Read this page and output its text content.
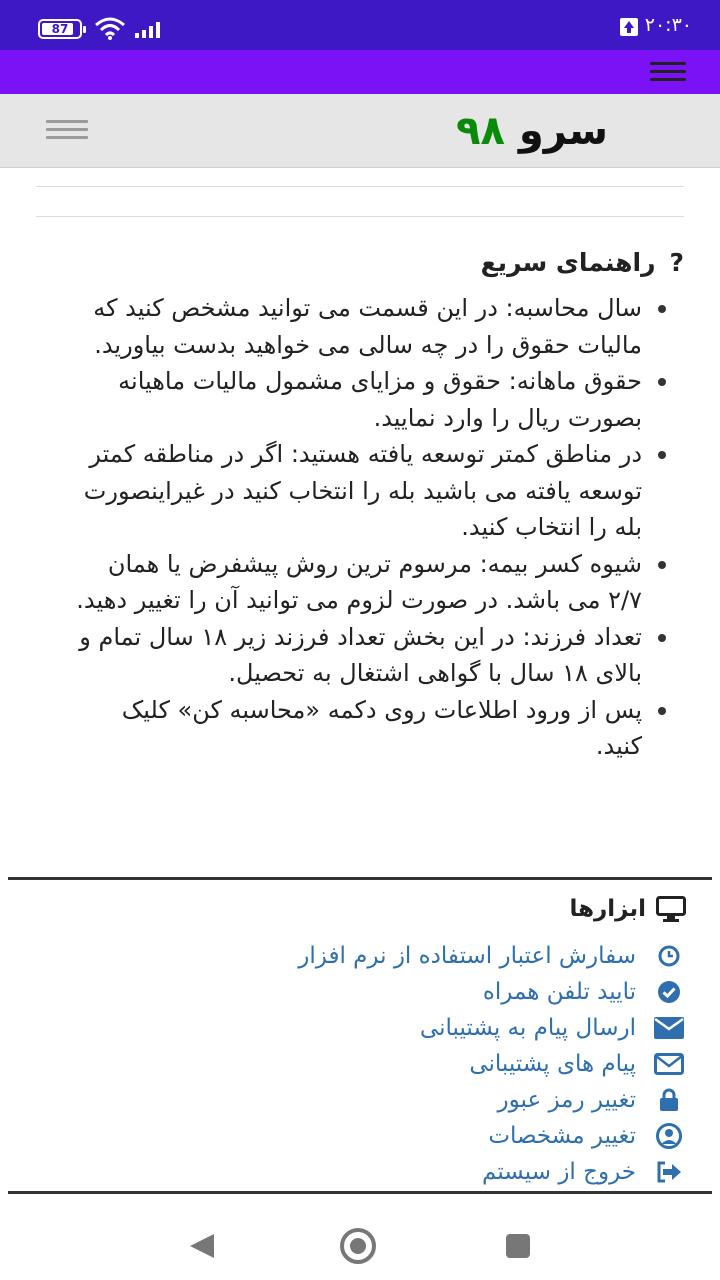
87	۲۰:۳۰
سرو ۹۸
?راهنمای سریع
سال محاسبه: در این قسمت می توانید مشخص کنید که مالیات حقوق را در چه سالی می خواهید بدست بیاورید.
حقوق ماهانه: حقوق و مزایای مشمول مالیات ماهیانه بصورت ریال را وارد نمایید.
در مناطق کمتر توسعه یافته هستید: اگر در مناطقه کمتر توسعه یافته می باشید بله را انتخاب کنید در غیراینصورت بله را انتخاب کنید.
شیوه کسر بیمه: مرسوم ترین روش پیشفرض یا همان ۲/۷ می باشد. در صورت لزوم می توانید آن را تغییر دهید.
تعداد فرزند: در این بخش تعداد فرزند زیر ۱۸ سال تمام و بالای ۱۸ سال با گواهی اشتغال به تحصیل.
پس از ورود اطلاعات روی دکمه «محاسبه کن» کلیک کنید.
ابزارها
سفارش اعتبار استفاده از نرم افزار
تایید تلفن همراه
ارسال پیام به پشتیبانی
پیام های پشتیبانی
تغییر رمز عبور
تغییر مشخصات
خروج از سیستم
